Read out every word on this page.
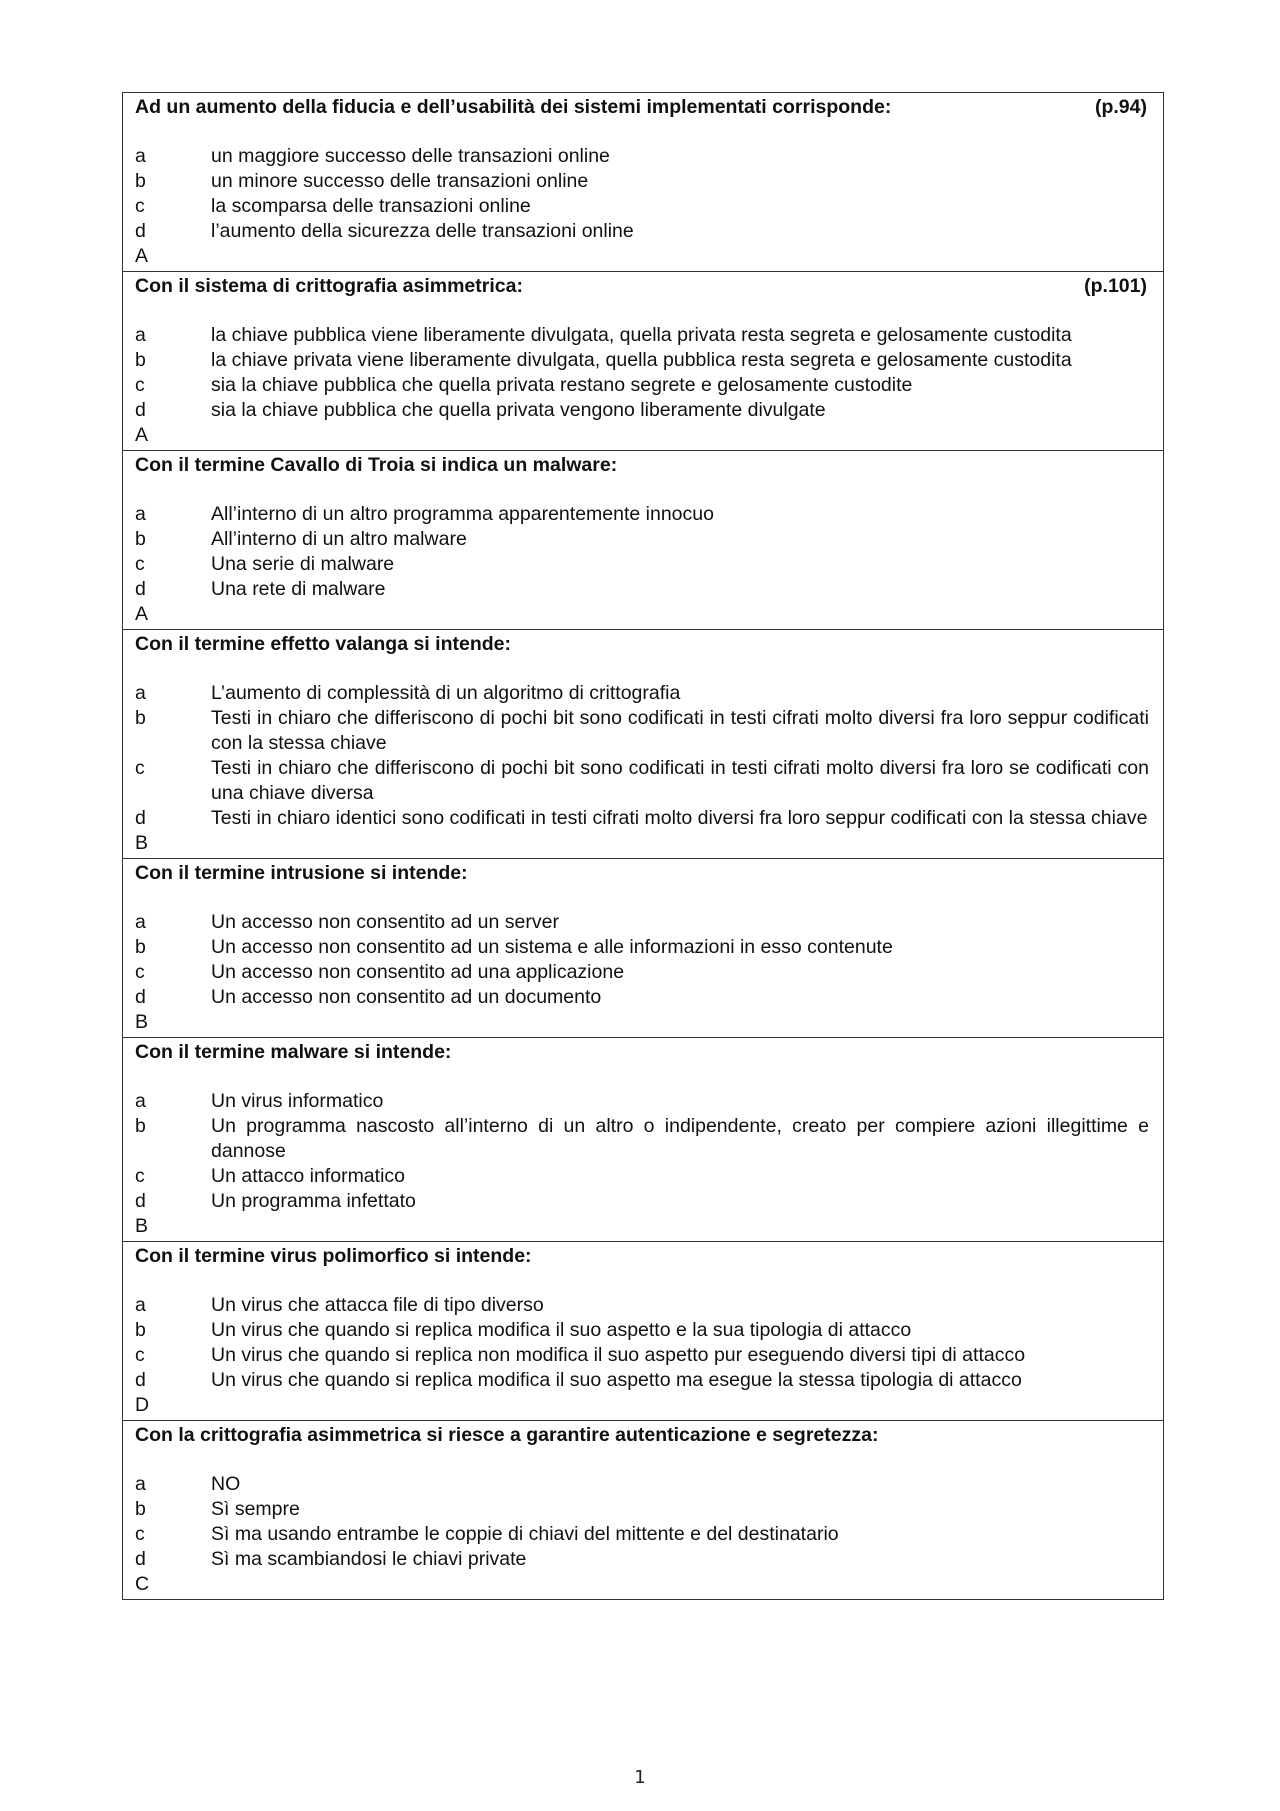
Ad un aumento della fiducia e dell’usabilità dei sistemi implementati corrisponde:	(p.94)
a	un maggiore successo delle transazioni online
b	un minore successo delle transazioni online
c	la scomparsa delle transazioni online
d	l’aumento della sicurezza delle transazioni online
A
Con il sistema di crittografia asimmetrica:	(p.101)
a	la chiave pubblica viene liberamente divulgata, quella privata resta segreta e gelosamente custodita
b	la chiave privata viene liberamente divulgata, quella pubblica resta segreta e gelosamente custodita
c	sia la chiave pubblica che quella privata restano segrete e gelosamente custodite
d	sia la chiave pubblica che quella privata vengono liberamente divulgate
A
Con il termine Cavallo di Troia si indica un malware:
a	All’interno di un altro programma apparentemente innocuo
b	All’interno di un altro malware
c	Una serie di malware
d	Una rete di malware
A
Con il termine effetto valanga si intende:
a	L’aumento di complessità di un algoritmo di crittografia
b	Testi in chiaro che differiscono di pochi bit sono codificati in testi cifrati molto diversi fra loro seppur codificati con la stessa chiave
c	Testi in chiaro che differiscono di pochi bit sono codificati in testi cifrati molto diversi fra loro se codificati con una chiave diversa
d	Testi in chiaro identici sono codificati in testi cifrati molto diversi fra loro seppur codificati con la stessa chiave
B
Con il termine intrusione si intende:
a	Un accesso non consentito ad un server
b	Un accesso non consentito ad un sistema e alle informazioni in esso contenute
c	Un accesso non consentito ad una applicazione
d	Un accesso non consentito ad un documento
B
Con il termine malware si intende:
a	Un virus informatico
b	Un programma nascosto all’interno di un altro o indipendente, creato per compiere azioni illegittime e dannose
c	Un attacco informatico
d	Un programma infettato
B
Con il termine virus polimorfico si intende:
a	Un virus che attacca file di tipo diverso
b	Un virus che quando si replica modifica il suo aspetto e la sua tipologia di attacco
c	Un virus che quando si replica non modifica il suo aspetto pur eseguendo diversi tipi di attacco
d	Un virus che quando si replica modifica il suo aspetto ma esegue la stessa tipologia di attacco
D
Con la crittografia asimmetrica si riesce a garantire autenticazione e segretezza:
a	NO
b	Sì sempre
c	Sì ma usando entrambe le coppie di chiavi del mittente e del destinatario
d	Sì ma scambiandosi le chiavi private
C
1
